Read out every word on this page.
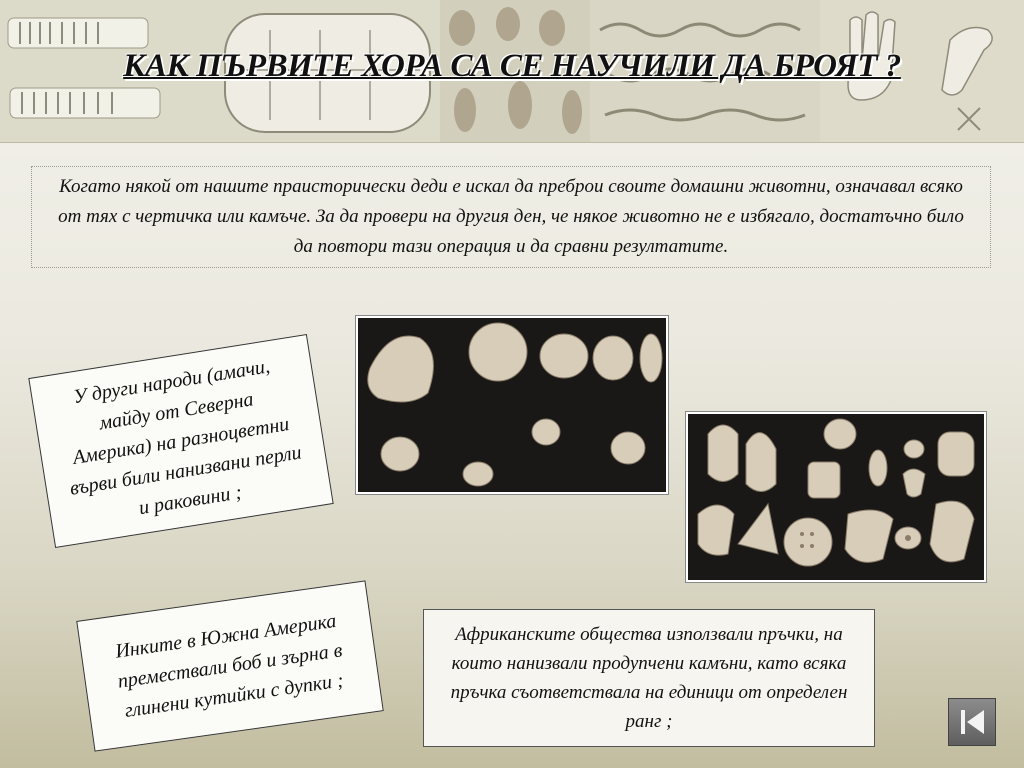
КАК ПЪРВИТЕ ХОРА СА СЕ НАУЧИЛИ ДА БРОЯТ ?
Когато някой от нашите праисторически деди е искал да преброи своите домашни животни, означавал всяко от тях с чертичка или камъче. За да провери на другия ден, че някое животно не е избягало, достатъчно било да повтори тази операция и да сравни резултатите.
У други народи (амачи, майду от Северна Америка) на разноцветни върви били нанизвани перли и раковини ;
Инките в Южна Америка премествали боб и зърна в глинени кутийки с дупки ;
Африканските общества използвали пръчки, на които нанизвали продупчени камъни, като всяка пръчка съответствала на единици от определен ранг ;
